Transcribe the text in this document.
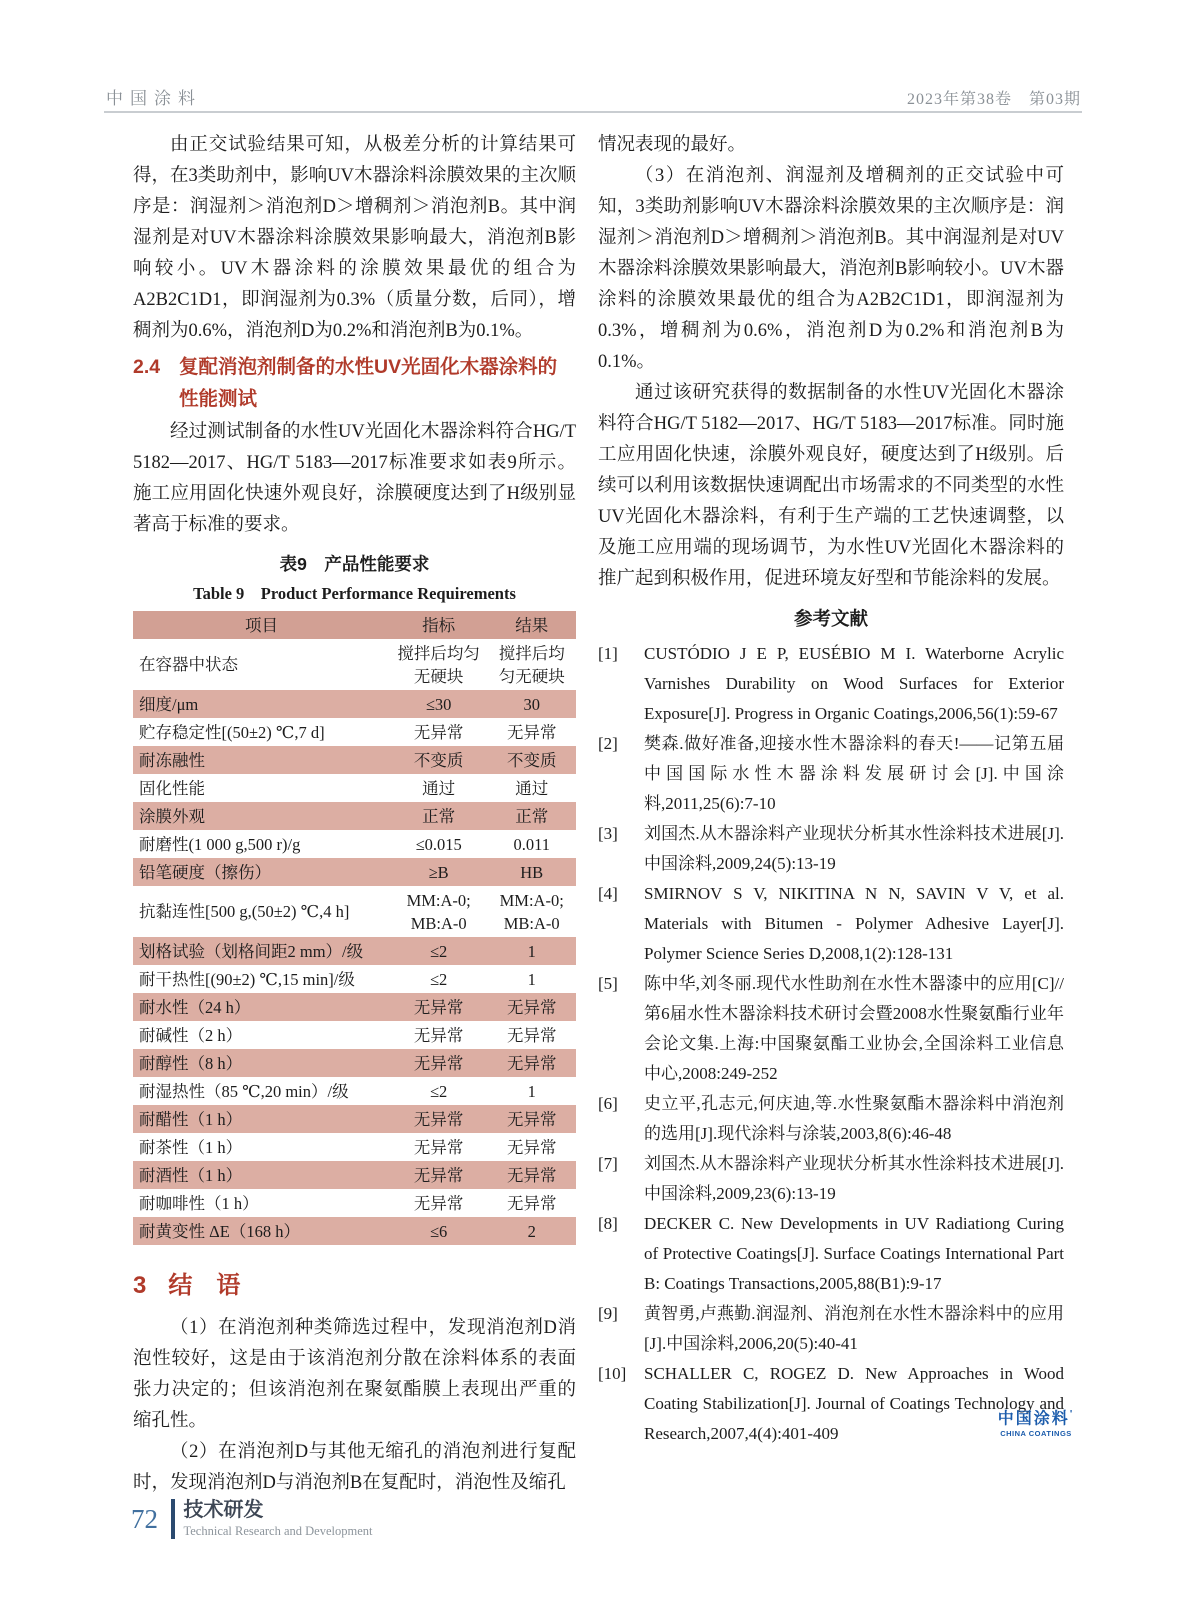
中国涂料	2023年第38卷　第03期

由正交试验结果可知，从极差分析的计算结果可得，在3类助剂中，影响UV木器涂料涂膜效果的主次顺序是：润湿剂＞消泡剂D＞增稠剂＞消泡剂B。其中润湿剂是对UV木器涂料涂膜效果影响最大，消泡剂B影响较小。UV木器涂料的涂膜效果最优的组合为A2B2C1D1，即润湿剂为0.3%（质量分数，后同），增稠剂为0.6%，消泡剂D为0.2%和消泡剂B为0.1%。

2.4 复配消泡剂制备的水性UV光固化木器涂料的性能测试

经过测试制备的水性UV光固化木器涂料符合HG/T 5182—2017、HG/T 5183—2017标准要求如表9所示。施工应用固化快速外观良好，涂膜硬度达到了H级别显著高于标准的要求。

表9　产品性能要求
Table 9　Product Performance Requirements
项目	指标	结果
在容器中状态	搅拌后均匀无硬块	搅拌后均匀无硬块
细度/μm	≤30	30
贮存稳定性[(50±2) ℃,7 d]	无异常	无异常
耐冻融性	不变质	不变质
固化性能	通过	通过
涂膜外观	正常	正常
耐磨性(1 000 g,500 r)/g	≤0.015	0.011
铅笔硬度（擦伤）	≥B	HB
抗黏连性[500 g,(50±2) ℃,4 h]	MM:A-0; MB:A-0	MM:A-0; MB:A-0
划格试验（划格间距2 mm）/级	≤2	1
耐干热性[(90±2) ℃,15 min]/级	≤2	1
耐水性（24 h）	无异常	无异常
耐碱性（2 h）	无异常	无异常
耐醇性（8 h）	无异常	无异常
耐湿热性（85 ℃,20 min）/级	≤2	1
耐醋性（1 h）	无异常	无异常
耐茶性（1 h）	无异常	无异常
耐酒性（1 h）	无异常	无异常
耐咖啡性（1 h）	无异常	无异常
耐黄变性 ΔE（168 h）	≤6	2
3 结　语

（1）在消泡剂种类筛选过程中，发现消泡剂D消泡性较好，这是由于该消泡剂分散在涂料体系的表面张力决定的；但该消泡剂在聚氨酯膜上表现出严重的缩孔性。

（2）在消泡剂D与其他无缩孔的消泡剂进行复配时，发现消泡剂D与消泡剂B在复配时，消泡性及缩孔

情况表现的最好。

（3）在消泡剂、润湿剂及增稠剂的正交试验中可知，3类助剂影响UV木器涂料涂膜效果的主次顺序是：润湿剂＞消泡剂D＞增稠剂＞消泡剂B。其中润湿剂是对UV木器涂料涂膜效果影响最大，消泡剂B影响较小。UV木器涂料的涂膜效果最优的组合为A2B2C1D1，即润湿剂为0.3%，增稠剂为0.6%，消泡剂D为0.2%和消泡剂B为0.1%。

通过该研究获得的数据制备的水性UV光固化木器涂料符合HG/T 5182—2017、HG/T 5183—2017标准。同时施工应用固化快速，涂膜外观良好，硬度达到了H级别。后续可以利用该数据快速调配出市场需求的不同类型的水性UV光固化木器涂料，有利于生产端的工艺快速调整，以及施工应用端的现场调节，为水性UV光固化木器涂料的推广起到积极作用，促进环境友好型和节能涂料的发展。

参考文献
[1]	CUSTÓDIO J E P, EUSÉBIO M I. Waterborne Acrylic Varnishes Durability on Wood Surfaces for Exterior Exposure[J]. Progress in Organic Coatings,2006,56(1):59-67
[2]	樊森.做好准备,迎接水性木器涂料的春天!——记第五届中国国际水性木器涂料发展研讨会[J].中国涂料,2011,25(6):7-10
[3]	刘国杰.从木器涂料产业现状分析其水性涂料技术进展[J].中国涂料,2009,24(5):13-19
[4]	SMIRNOV S V, NIKITINA N N, SAVIN V V, et al. Materials with Bitumen - Polymer Adhesive Layer[J]. Polymer Science Series D,2008,1(2):128-131
[5]	陈中华,刘冬丽.现代水性助剂在水性木器漆中的应用[C]//第6届水性木器涂料技术研讨会暨2008水性聚氨酯行业年会论文集.上海:中国聚氨酯工业协会,全国涂料工业信息中心,2008:249-252
[6]	史立平,孔志元,何庆迪,等.水性聚氨酯木器涂料中消泡剂的选用[J].现代涂料与涂装,2003,8(6):46-48
[7]	刘国杰.从木器涂料产业现状分析其水性涂料技术进展[J].中国涂料,2009,23(6):13-19
[8]	DECKER C. New Developments in UV Radiationg Curing of Protective Coatings[J]. Surface Coatings International Part B: Coatings Transactions,2005,88(B1):9-17
[9]	黄智勇,卢燕勤.润湿剂、消泡剂在水性木器涂料中的应用[J].中国涂料,2006,20(5):40-41
[10]	SCHALLER C, ROGEZ D. New Approaches in Wood Coating Stabilization[J]. Journal of Coatings Technology and Research,2007,4(4):401-409
72 技术研发
Technical Research and Development
中国涂料 '
CHINA COATINGS
